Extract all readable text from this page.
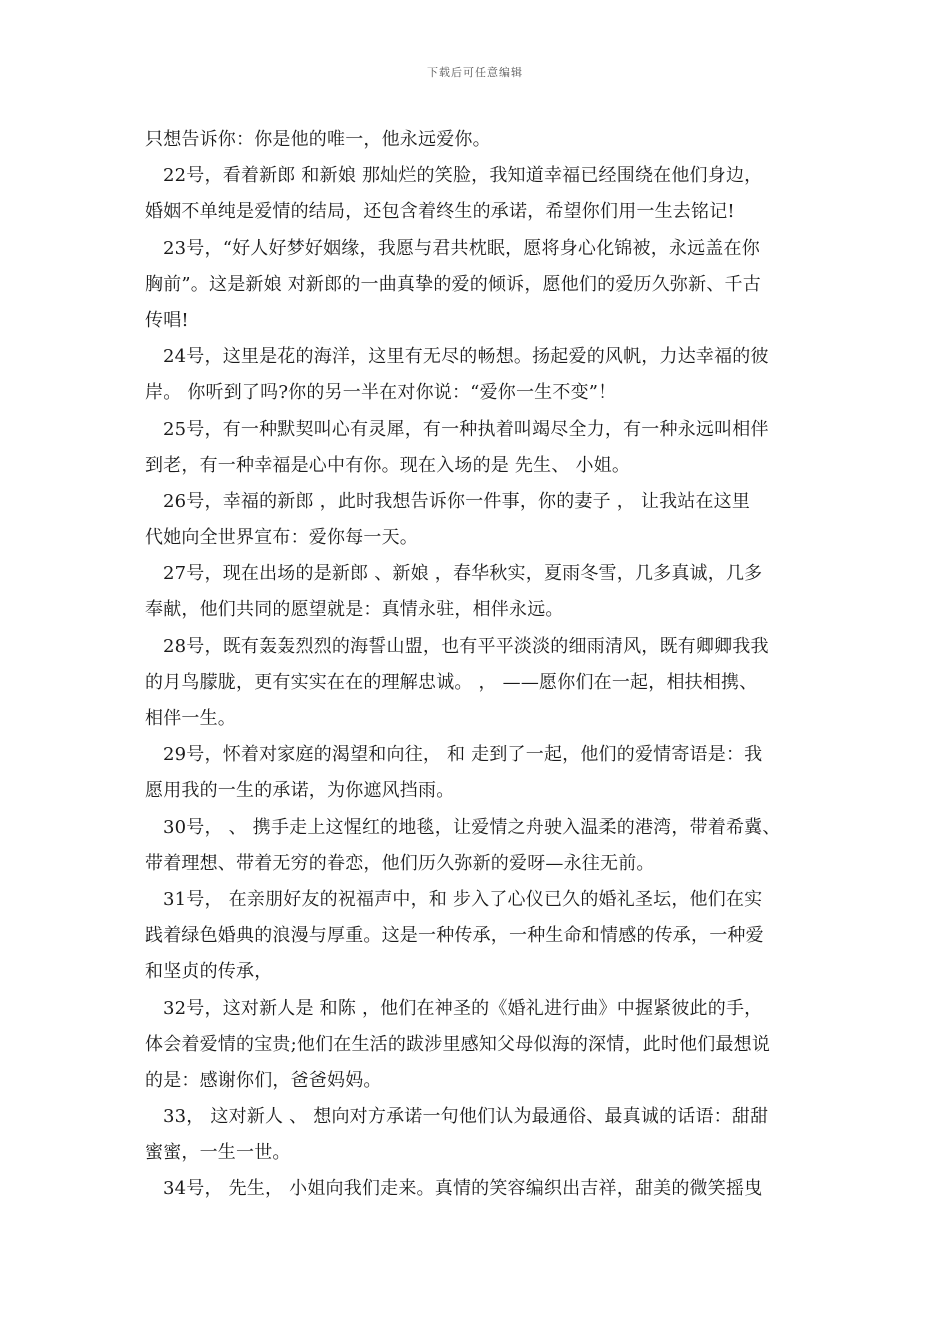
下载后可任意编辑
只想告诉你：你是他的唯一，他永远爱你。
22号，看着新郎 和新娘 那灿烂的笑脸，我知道幸福已经围绕在他们身边，
婚姻不单纯是爱情的结局，还包含着终生的承诺，希望你们用一生去铭记!
23号，“好人好梦好姻缘，我愿与君共枕眠，愿将身心化锦被，永远盖在你
胸前”。这是新娘 对新郎的一曲真挚的爱的倾诉，愿他们的爱历久弥新、千古
传唱!
24号，这里是花的海洋，这里有无尽的畅想。扬起爱的风帆，力达幸福的彼
岸。 你听到了吗?你的另一半在对你说：“爱你一生不变”！
25号，有一种默契叫心有灵犀，有一种执着叫竭尽全力，有一种永远叫相伴
到老，有一种幸福是心中有你。现在入场的是 先生、 小姐。
26号，幸福的新郎 ，此时我想告诉你一件事，你的妻子 ， 让我站在这里
代她向全世界宣布：爱你每一天。
27号，现在出场的是新郎 、新娘 ，春华秋实，夏雨冬雪，几多真诚，几多
奉献，他们共同的愿望就是：真情永驻，相伴永远。
28号，既有轰轰烈烈的海誓山盟，也有平平淡淡的细雨清风，既有卿卿我我
的月鸟朦胧，更有实实在在的理解忠诚。 ， ——愿你们在一起，相扶相携、
相伴一生。
29号，怀着对家庭的渴望和向往， 和 走到了一起，他们的爱情寄语是：我
愿用我的一生的承诺，为你遮风挡雨。
30号， 、 携手走上这惺红的地毯，让爱情之舟驶入温柔的港湾，带着希冀、
带着理想、带着无穷的眷恋，他们历久弥新的爱呀—永往无前。
31号， 在亲朋好友的祝福声中，和 步入了心仪已久的婚礼圣坛，他们在实
践着绿色婚典的浪漫与厚重。这是一种传承，一种生命和情感的传承，一种爱
和坚贞的传承，
32号，这对新人是 和陈 ，他们在神圣的《婚礼进行曲》中握紧彼此的手，
体会着爱情的宝贵;他们在生活的跋涉里感知父母似海的深情，此时他们最想说
的是：感谢你们，爸爸妈妈。
33， 这对新人 、 想向对方承诺一句他们认为最通俗、最真诚的话语：甜甜
蜜蜜，一生一世。
34号， 先生， 小姐向我们走来。真情的笑容编织出吉祥，甜美的微笑摇曳
